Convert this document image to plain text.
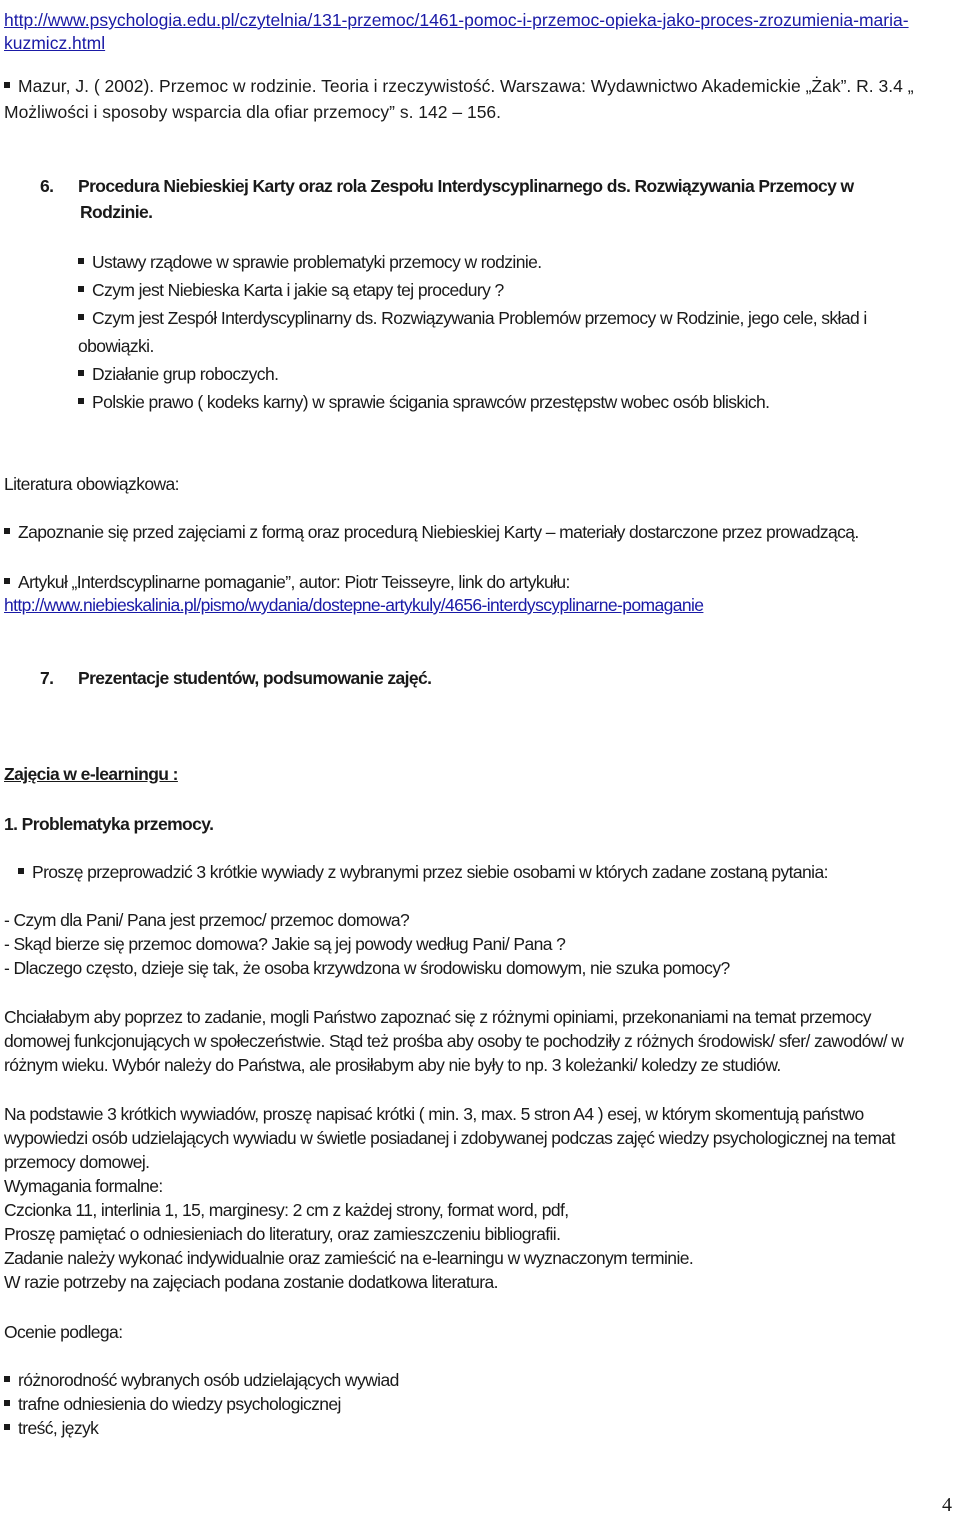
http://www.psychologia.edu.pl/czytelnia/131-przemoc/1461-pomoc-i-przemoc-opieka-jako-proces-zrozumienia-maria-
kuzmicz.html
Mazur, J. ( 2002). Przemoc w rodzinie. Teoria i rzeczywistość. Warszawa: Wydawnictwo Akademickie „Żak”. R. 3.4 „
Możliwości i sposoby wsparcia dla ofiar przemocy” s. 142 – 156.
6. Procedura Niebieskiej Karty oraz rola Zespołu Interdyscyplinarnego ds. Rozwiązywania Przemocy w
Rodzinie.
Ustawy rządowe w sprawie problematyki przemocy w rodzinie.
Czym jest Niebieska Karta i jakie są etapy tej procedury ?
Czym jest Zespół Interdyscyplinarny ds. Rozwiązywania Problemów przemocy w Rodzinie, jego cele, skład i
obowiązki.
Działanie grup roboczych.
Polskie prawo ( kodeks karny) w sprawie ścigania sprawców przestępstw wobec osób bliskich.
Literatura obowiązkowa:
Zapoznanie się przed zajęciami z formą oraz procedurą Niebieskiej Karty – materiały dostarczone przez prowadzącą.
Artykuł „Interdscyplinarne pomaganie”, autor: Piotr Teisseyre, link do artykułu:
http://www.niebieskalinia.pl/pismo/wydania/dostepne-artykuly/4656-interdyscyplinarne-pomaganie
7. Prezentacje studentów, podsumowanie zajęć.
Zajęcia w e-learningu :
1. Problematyka przemocy.
Proszę przeprowadzić 3 krótkie wywiady z wybranymi przez siebie osobami w których zadane zostaną pytania:
- Czym dla Pani/ Pana jest przemoc/ przemoc domowa?
- Skąd bierze się przemoc domowa? Jakie są jej powody według Pani/ Pana ?
- Dlaczego często, dzieje się tak, że osoba krzywdzona w środowisku domowym, nie szuka pomocy?
Chciałabym aby poprzez to zadanie, mogli Państwo zapoznać się z różnymi opiniami, przekonaniami na temat przemocy
domowej funkcjonujących w społeczeństwie. Stąd też prośba aby osoby te pochodziły z różnych środowisk/ sfer/ zawodów/ w
różnym wieku. Wybór należy do Państwa, ale prosiłabym aby nie były to np. 3 koleżanki/ koledzy ze studiów.
Na podstawie 3 krótkich wywiadów, proszę napisać krótki ( min. 3, max. 5 stron A4 ) esej, w którym skomentują państwo
wypowiedzi osób udzielających wywiadu w świetle posiadanej i zdobywanej podczas zajęć wiedzy psychologicznej na temat
przemocy domowej.
Wymagania formalne:
Czcionka 11, interlinia 1, 15, marginesy: 2 cm z każdej strony, format word, pdf,
Proszę pamiętać o odniesieniach do literatury, oraz zamieszczeniu bibliografii.
Zadanie należy wykonać indywidualnie oraz zamieścić na e-learningu w wyznaczonym terminie.
W razie potrzeby na zajęciach podana zostanie dodatkowa literatura.
Ocenie podlega:
różnorodność wybranych osób udzielających wywiad
trafne odniesienia do wiedzy psychologicznej
treść, język
4
